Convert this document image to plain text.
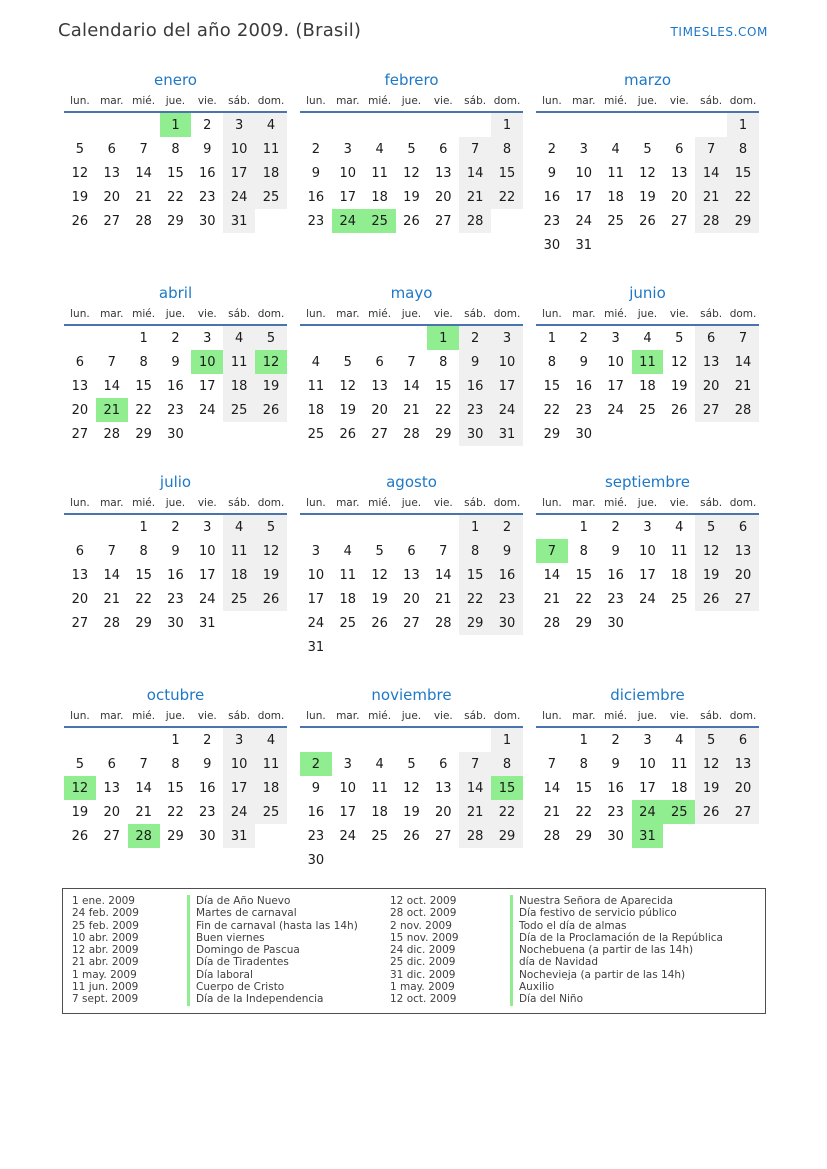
Calendario del año 2009. (Brasil)	TIMESLES.COM
enero
lun.	mar.	mié.	jue.	vie.	sáb.	dom.
			1	2	3	4
5	6	7	8	9	10	11
12	13	14	15	16	17	18
19	20	21	22	23	24	25
26	27	28	29	30	31	
febrero
lun.	mar.	mié.	jue.	vie.	sáb.	dom.
						1
2	3	4	5	6	7	8
9	10	11	12	13	14	15
16	17	18	19	20	21	22
23	24	25	26	27	28	
marzo
lun.	mar.	mié.	jue.	vie.	sáb.	dom.
						1
2	3	4	5	6	7	8
9	10	11	12	13	14	15
16	17	18	19	20	21	22
23	24	25	26	27	28	29
30	31					
abril
lun.	mar.	mié.	jue.	vie.	sáb.	dom.
		1	2	3	4	5
6	7	8	9	10	11	12
13	14	15	16	17	18	19
20	21	22	23	24	25	26
27	28	29	30			
mayo
lun.	mar.	mié.	jue.	vie.	sáb.	dom.
				1	2	3
4	5	6	7	8	9	10
11	12	13	14	15	16	17
18	19	20	21	22	23	24
25	26	27	28	29	30	31
junio
lun.	mar.	mié.	jue.	vie.	sáb.	dom.
1	2	3	4	5	6	7
8	9	10	11	12	13	14
15	16	17	18	19	20	21
22	23	24	25	26	27	28
29	30					
julio
lun.	mar.	mié.	jue.	vie.	sáb.	dom.
		1	2	3	4	5
6	7	8	9	10	11	12
13	14	15	16	17	18	19
20	21	22	23	24	25	26
27	28	29	30	31		
agosto
lun.	mar.	mié.	jue.	vie.	sáb.	dom.
					1	2
3	4	5	6	7	8	9
10	11	12	13	14	15	16
17	18	19	20	21	22	23
24	25	26	27	28	29	30
31						
septiembre
lun.	mar.	mié.	jue.	vie.	sáb.	dom.
	1	2	3	4	5	6
7	8	9	10	11	12	13
14	15	16	17	18	19	20
21	22	23	24	25	26	27
28	29	30				
octubre
lun.	mar.	mié.	jue.	vie.	sáb.	dom.
			1	2	3	4
5	6	7	8	9	10	11
12	13	14	15	16	17	18
19	20	21	22	23	24	25
26	27	28	29	30	31	
noviembre
lun.	mar.	mié.	jue.	vie.	sáb.	dom.
						1
2	3	4	5	6	7	8
9	10	11	12	13	14	15
16	17	18	19	20	21	22
23	24	25	26	27	28	29
30						
diciembre
lun.	mar.	mié.	jue.	vie.	sáb.	dom.
	1	2	3	4	5	6
7	8	9	10	11	12	13
14	15	16	17	18	19	20
21	22	23	24	25	26	27
28	29	30	31			
1 ene. 2009	Día de Año Nuevo
24 feb. 2009	Martes de carnaval
25 feb. 2009	Fin de carnaval (hasta las 14h)
10 abr. 2009	Buen viernes
12 abr. 2009	Domingo de Pascua
21 abr. 2009	Día de Tiradentes
1 may. 2009	Día laboral
11 jun. 2009	Cuerpo de Cristo
7 sept. 2009	Día de la Independencia
12 oct. 2009	Nuestra Señora de Aparecida
28 oct. 2009	Día festivo de servicio público
2 nov. 2009	Todo el día de almas
15 nov. 2009	Día de la Proclamación de la República
24 dic. 2009	Nochebuena (a partir de las 14h)
25 dic. 2009	día de Navidad
31 dic. 2009	Nochevieja (a partir de las 14h)
1 may. 2009	Auxilio
12 oct. 2009	Día del Niño
